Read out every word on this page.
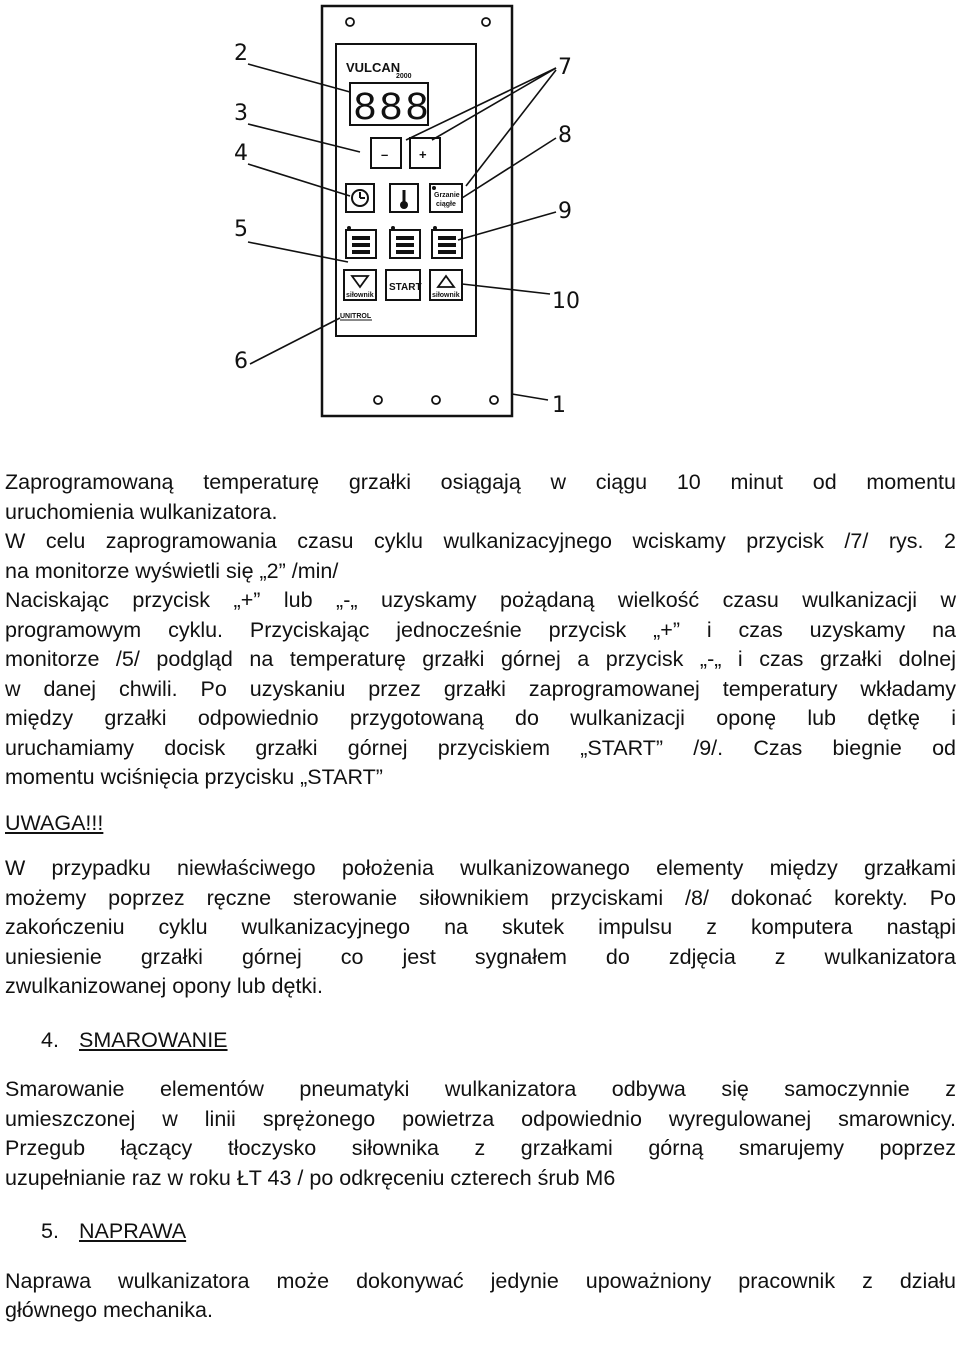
VULCAN
2000
888
– +
Grzanie
ciągłe
siłownik
START
siłownik
UNITROL
2
3
4
5
6
7
8
9
10
1

Zaprogramowaną temperaturę grzałki osiągają w ciągu 10 minut od momentu
uruchomienia wulkanizatora.
W celu zaprogramowania czasu cyklu wulkanizacyjnego wciskamy przycisk /7/ rys. 2
na monitorze wyświetli się „2” /min/
Naciskając przycisk „+” lub „-„ uzyskamy pożądaną wielkość czasu wulkanizacji w
programowym cyklu. Przyciskając jednocześnie przycisk „+” i czas uzyskamy na
monitorze /5/ podgląd na temperaturę grzałki górnej a przycisk „-„ i czas grzałki dolnej
w danej chwili. Po uzyskaniu przez grzałki zaprogramowanej temperatury wkładamy
między grzałki odpowiednio przygotowaną do wulkanizacji oponę lub dętkę i
uruchamiamy docisk grzałki górnej przyciskiem „START” /9/. Czas biegnie od
momentu wciśnięcia przycisku „START”

UWAGA!!!

W przypadku niewłaściwego położenia wulkanizowanego elementy między grzałkami
możemy poprzez ręczne sterowanie siłownikiem przyciskami /8/ dokonać korekty. Po
zakończeniu cyklu wulkanizacyjnego na skutek impulsu z komputera nastąpi
uniesienie grzałki górnej co jest sygnałem do zdjęcia z wulkanizatora
zwulkanizowanej opony lub dętki.

4. SMAROWANIE

Smarowanie elementów pneumatyki wulkanizatora odbywa się samoczynnie z
umieszczonej w linii sprężonego powietrza odpowiednio wyregulowanej smarownicy.
Przegub łączący tłoczysko siłownika z grzałkami górną smarujemy poprzez
uzupełnianie raz w roku ŁT 43 / po odkręceniu czterech śrub M6

5. NAPRAWA

Naprawa wulkanizatora może dokonywać jedynie upoważniony pracownik z działu
głównego mechanika.
